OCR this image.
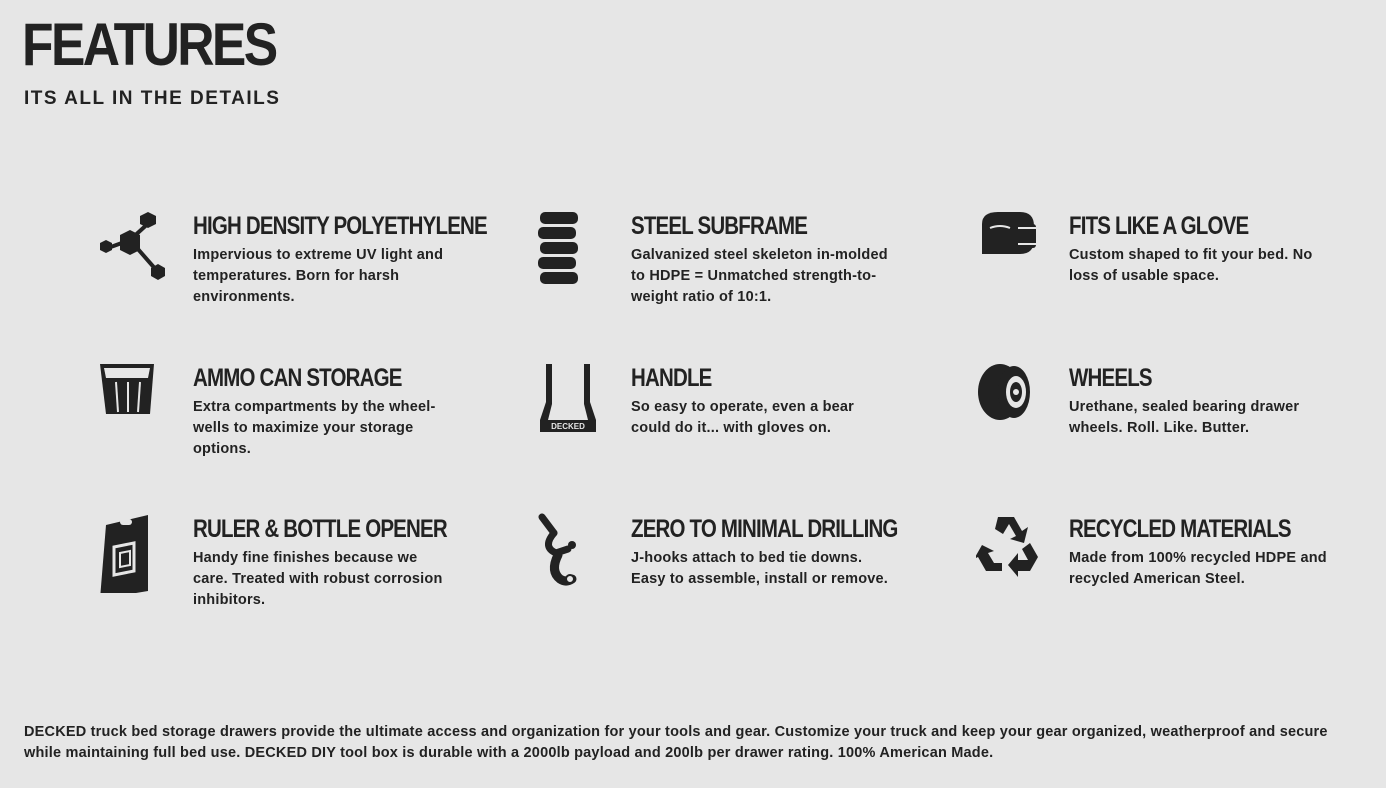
FEATURES
ITS ALL IN THE DETAILS
HIGH DENSITY POLYETHYLENE

Impervious to extreme UV light and temperatures. Born for harsh environments.

STEEL SUBFRAME

Galvanized steel skeleton in-molded to HDPE = Unmatched strength-to-weight ratio of 10:1.

FITS LIKE A GLOVE

Custom shaped to fit your bed. No loss of usable space.

AMMO CAN STORAGE

Extra compartments by the wheel-wells to maximize your storage options.

DECKED
HANDLE

So easy to operate, even a bear could do it... with gloves on.

WHEELS

Urethane, sealed bearing drawer wheels. Roll. Like. Butter.

RULER & BOTTLE OPENER

Handy fine finishes because we care. Treated with robust corrosion inhibitors.

ZERO TO MINIMAL DRILLING

J-hooks attach to bed tie downs. Easy to assemble, install or remove.

RECYCLED MATERIALS

Made from 100% recycled HDPE and recycled American Steel.

DECKED truck bed storage drawers provide the ultimate access and organization for your tools and gear. Customize your truck and keep your gear organized, weatherproof and secure while maintaining full bed use. DECKED DIY tool box is durable with a 2000lb payload and 200lb per drawer rating. 100% American Made.
